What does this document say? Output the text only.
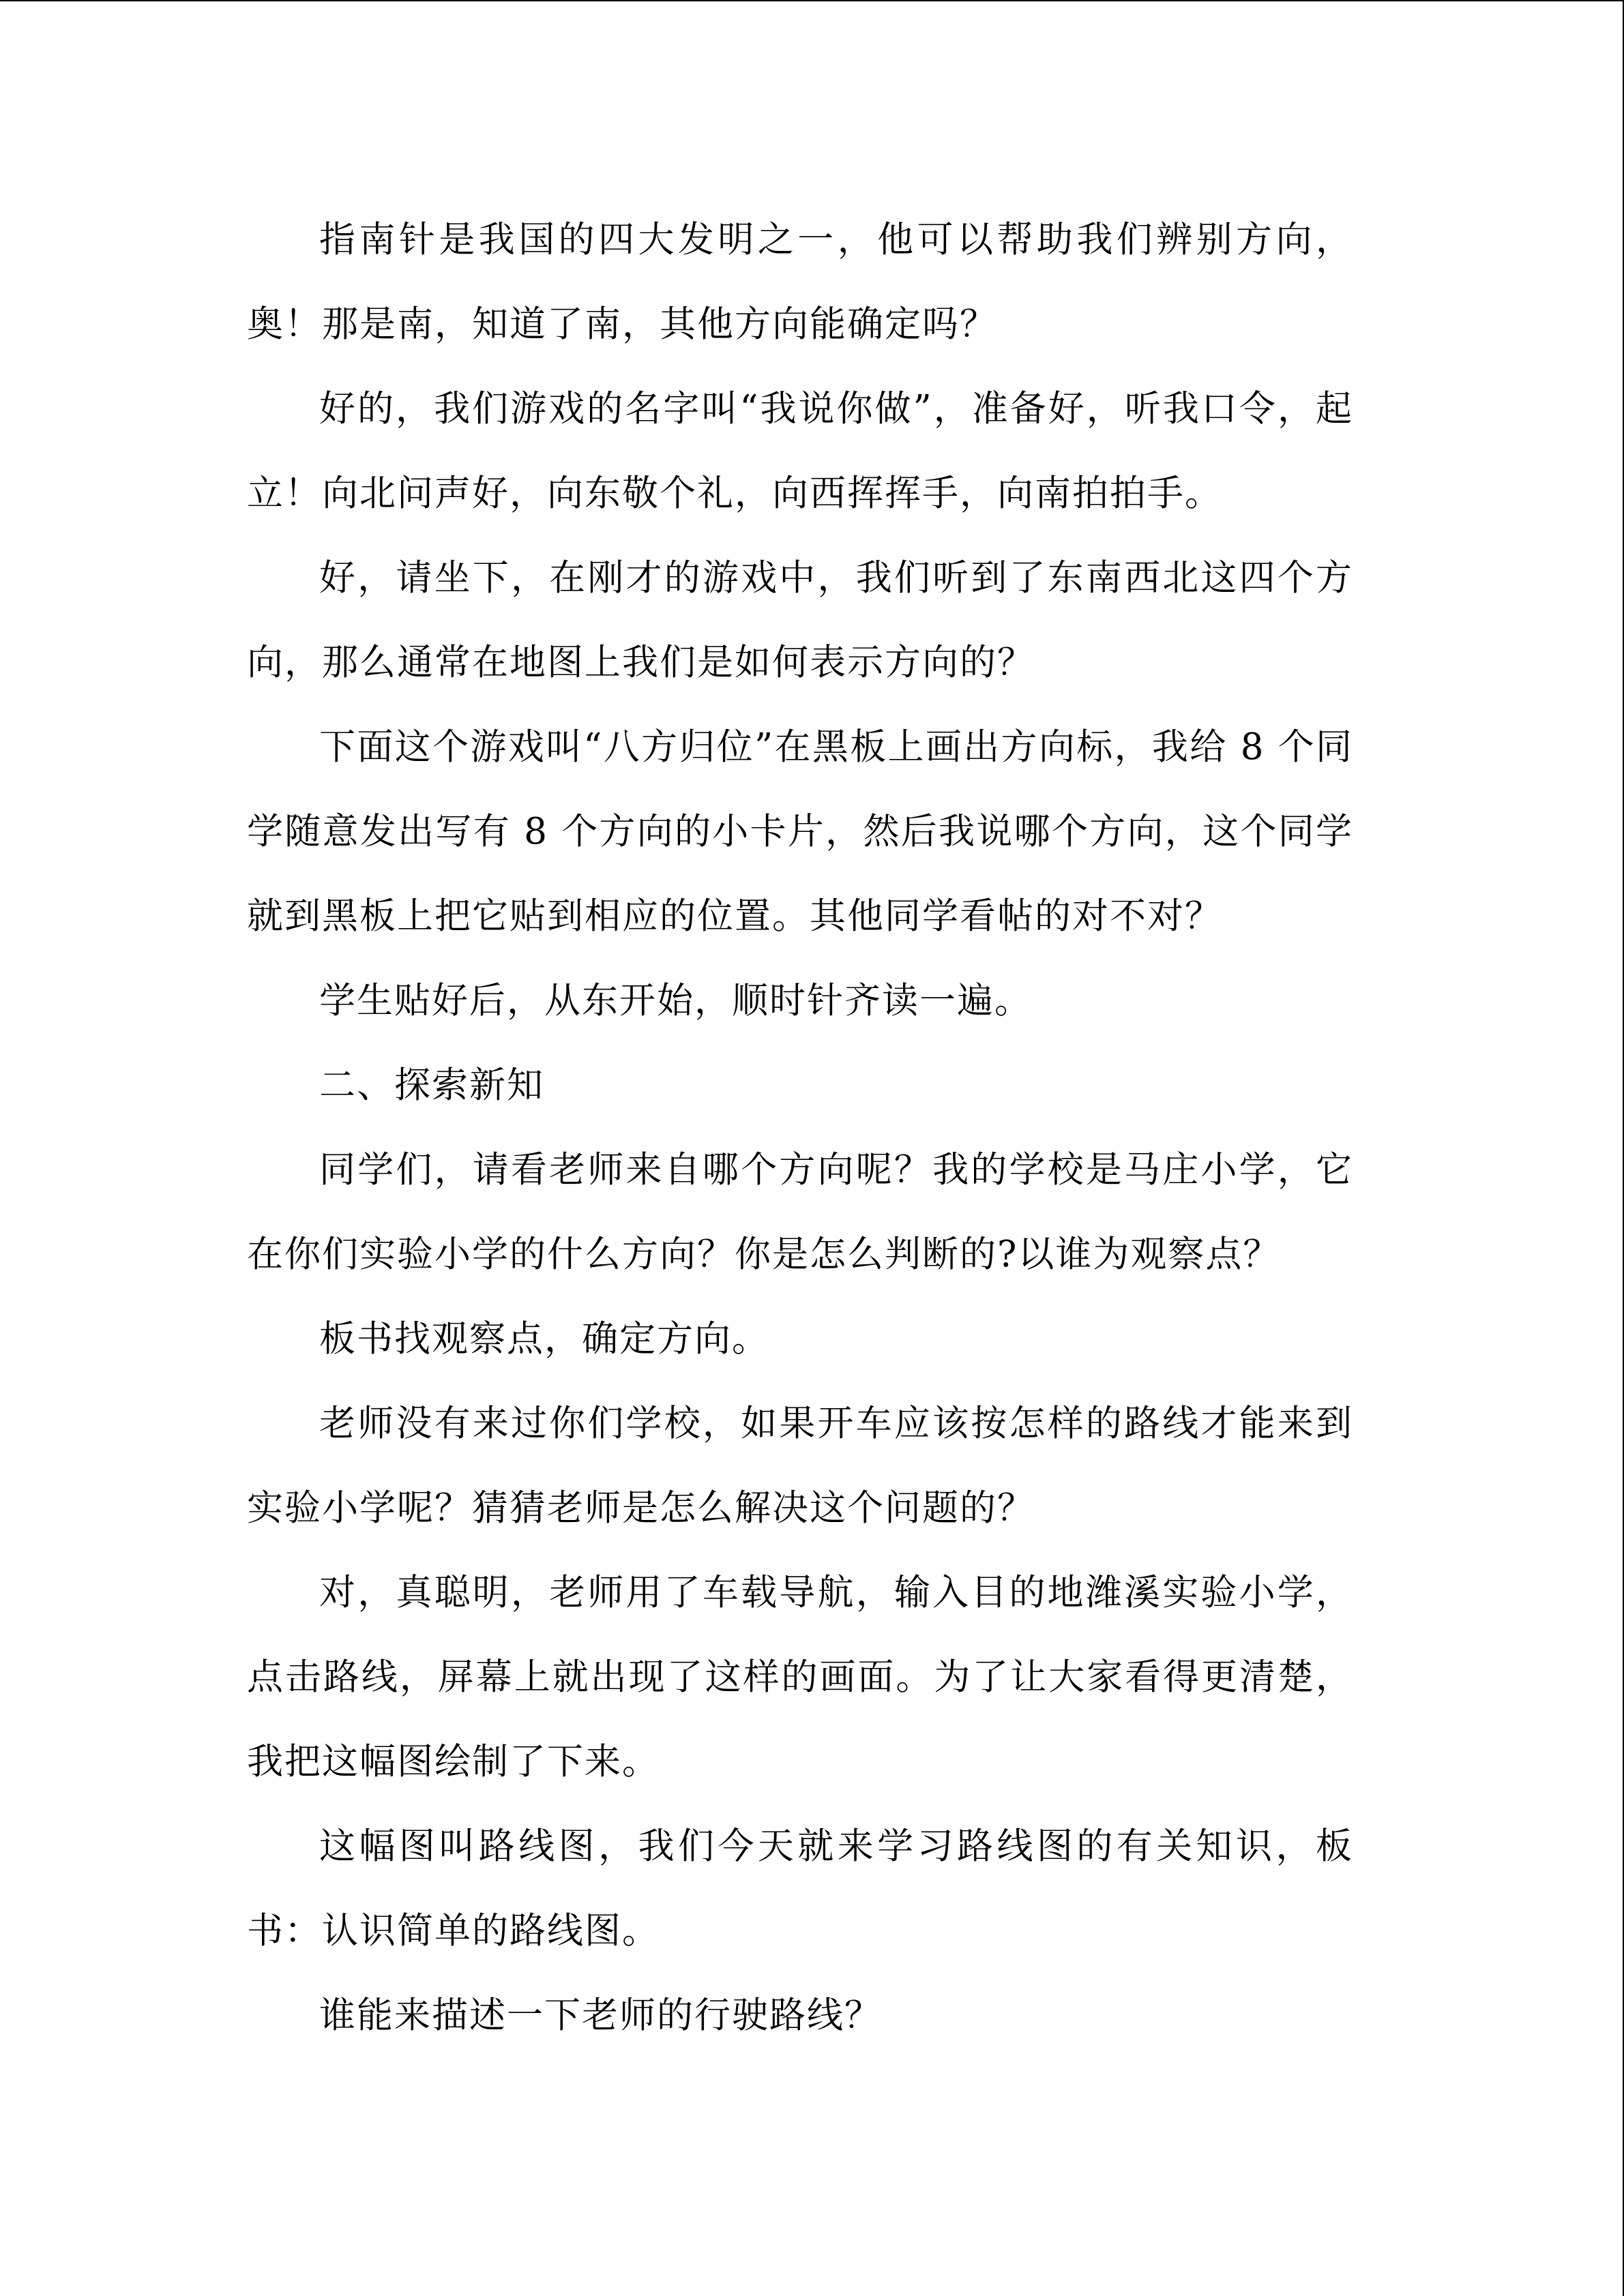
指南针是我国的四大发明之一，他可以帮助我们辨别方向，奥！那是南，知道了南，其他方向能确定吗？

好的，我们游戏的名字叫“我说你做”，准备好，听我口令，起立！向北问声好，向东敬个礼，向西挥挥手，向南拍拍手。

好，请坐下，在刚才的游戏中，我们听到了东南西北这四个方向，那么通常在地图上我们是如何表示方向的？

下面这个游戏叫“八方归位”在黑板上画出方向标，我给 8 个同学随意发出写有 8 个方向的小卡片，然后我说哪个方向，这个同学就到黑板上把它贴到相应的位置。其他同学看帖的对不对？

学生贴好后，从东开始，顺时针齐读一遍。

二、探索新知

同学们，请看老师来自哪个方向呢？我的学校是马庄小学，它在你们实验小学的什么方向？你是怎么判断的?以谁为观察点？

板书找观察点，确定方向。

老师没有来过你们学校，如果开车应该按怎样的路线才能来到实验小学呢？猜猜老师是怎么解决这个问题的？

对，真聪明，老师用了车载导航，输入目的地潍溪实验小学，点击路线，屏幕上就出现了这样的画面。为了让大家看得更清楚，我把这幅图绘制了下来。

这幅图叫路线图，我们今天就来学习路线图的有关知识，板书：认识简单的路线图。

谁能来描述一下老师的行驶路线？
